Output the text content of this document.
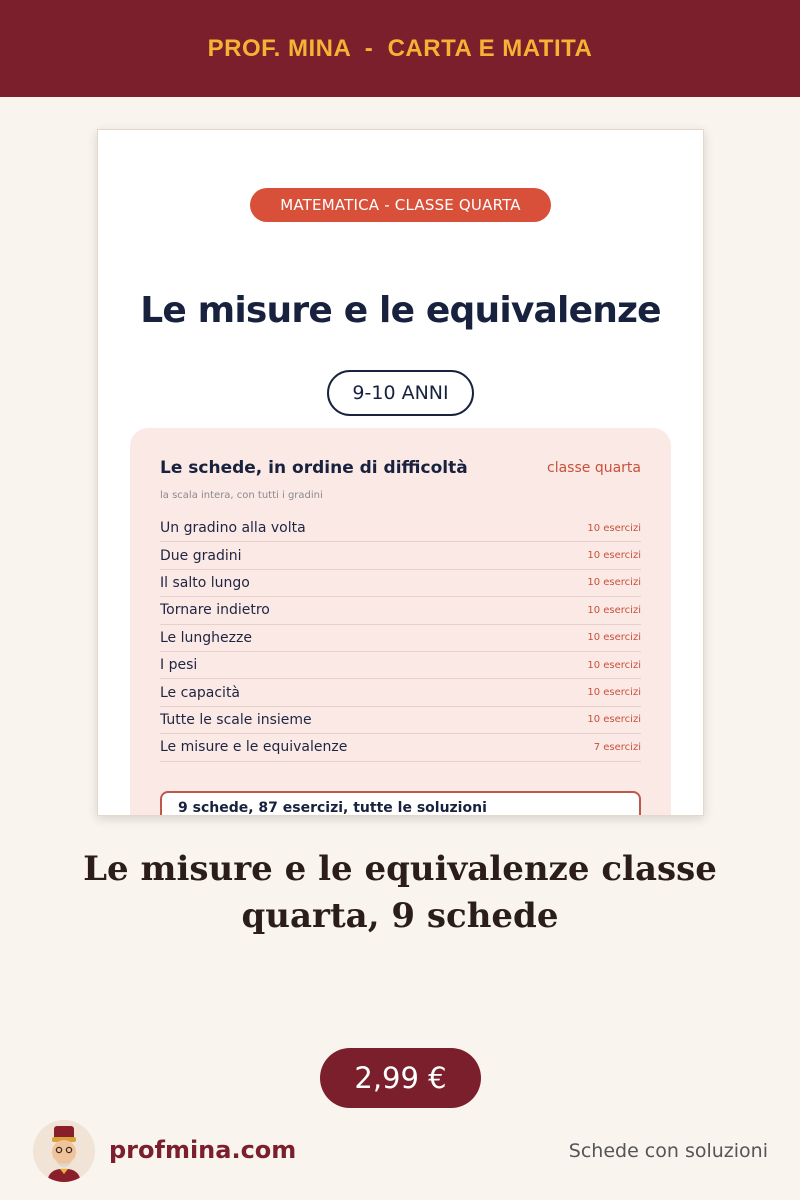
PROF. MINA  -  CARTA E MATITA
MATEMATICA - CLASSE QUARTA
Le misure e le equivalenze
9-10 ANNI
Le schede, in ordine di difficoltà	classe quarta
la scala intera, con tutti i gradini
Un gradino alla volta	10 esercizi
Due gradini	10 esercizi
Il salto lungo	10 esercizi
Tornare indietro	10 esercizi
Le lunghezze	10 esercizi
I pesi	10 esercizi
Le capacità	10 esercizi
Tutte le scale insieme	10 esercizi
Le misure e le equivalenze	7 esercizi
9 schede, 87 esercizi, tutte le soluzioni
Le misure e le equivalenze classe quarta, 9 schede
2,99 €
profmina.com	Schede con soluzioni
